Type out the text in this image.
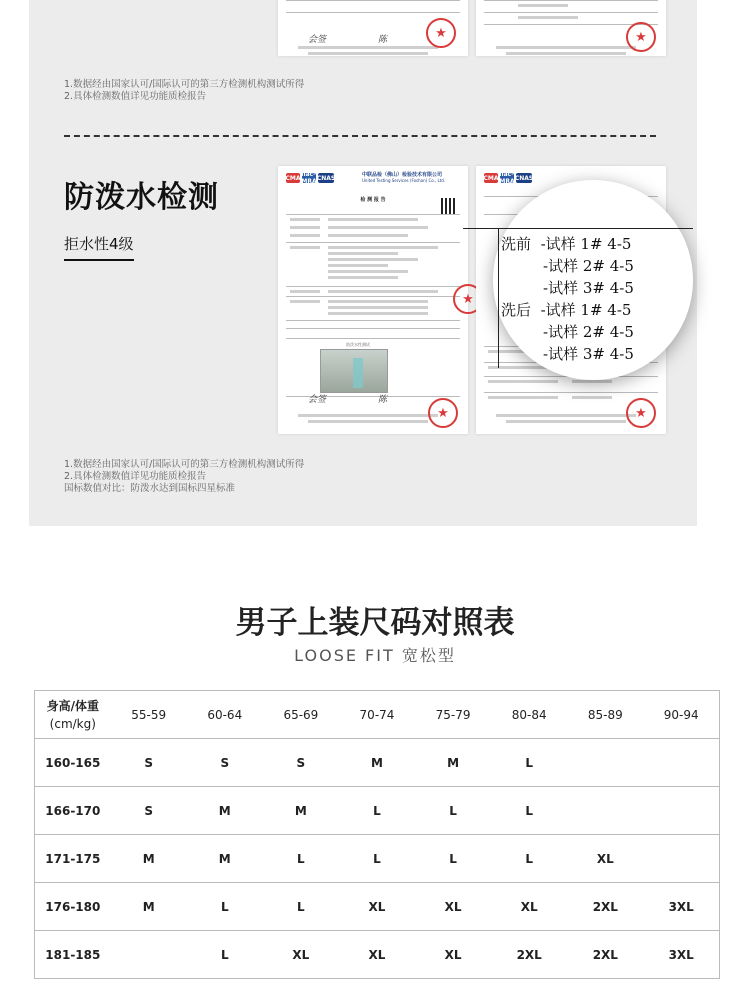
会签	陈	★	★
1.数据经由国家认可/国际认可的第三方检测机构测试所得
2.具体检测数值详见功能质检报告
防泼水检测
拒水性4级
CMA ilac-MRA CNAS	中联品检（佛山）检验技术有限公司
United Testing Services (Foshan) Co., Ltd.
检 测 报 告
防泼水性测试
会签	陈
★
★
CMA ilac-MRA CNAS
★
洗前 -试样 1# 4-5
-试样 2# 4-5
-试样 3# 4-5
洗后 -试样 1# 4-5
-试样 2# 4-5
-试样 3# 4-5
1.数据经由国家认可/国际认可的第三方检测机构测试所得
2.具体检测数值详见功能质检报告
国标数值对比：防泼水达到国标四星标准
男子上装尺码对照表
LOOSE FIT 宽松型
身高/体重
(cm/kg)	55-59	60-64	65-69	70-74	75-79	80-84	85-89	90-94
160-165	S	S	S	M	M	L		
166-170	S	M	M	L	L	L		
171-175	M	M	L	L	L	L	XL	
176-180	M	L	L	XL	XL	XL	2XL	3XL
181-185		L	XL	XL	XL	2XL	2XL	3XL
